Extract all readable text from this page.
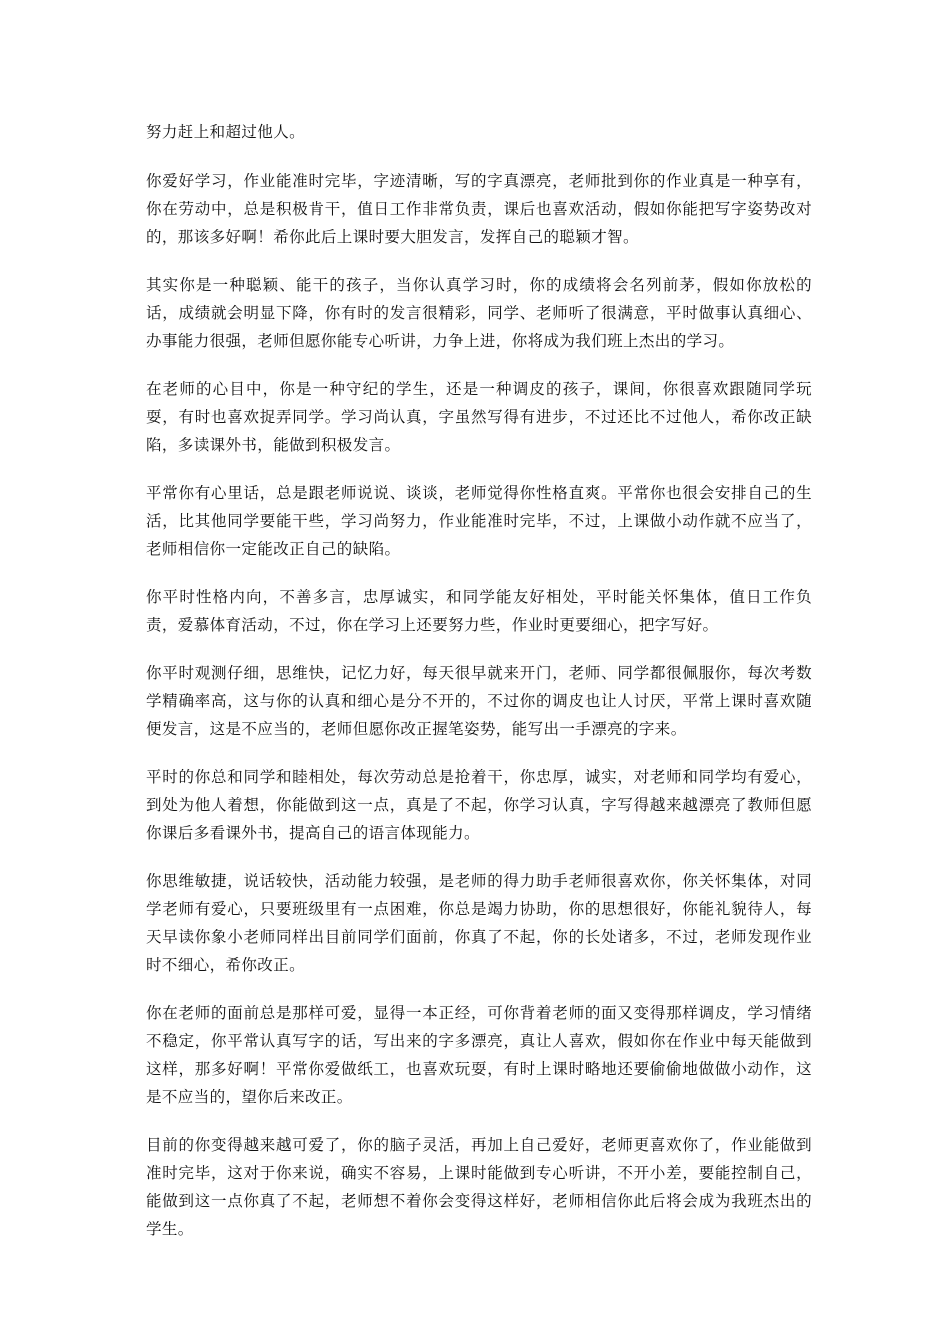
努力赶上和超过他人。

你爱好学习，作业能准时完毕，字迹清晰，写的字真漂亮，老师批到你的作业真是一种享有，你在劳动中，总是积极肯干，值日工作非常负责，课后也喜欢活动，假如你能把写字姿势改对的，那该多好啊！希你此后上课时要大胆发言，发挥自己的聪颖才智。

其实你是一种聪颖、能干的孩子，当你认真学习时，你的成绩将会名列前茅，假如你放松的话，成绩就会明显下降，你有时的发言很精彩，同学、老师听了很满意，平时做事认真细心、办事能力很强，老师但愿你能专心听讲，力争上进，你将成为我们班上杰出的学习。

在老师的心目中，你是一种守纪的学生，还是一种调皮的孩子，课间，你很喜欢跟随同学玩耍，有时也喜欢捉弄同学。学习尚认真，字虽然写得有进步，不过还比不过他人，希你改正缺陷，多读课外书，能做到积极发言。

平常你有心里话，总是跟老师说说、谈谈，老师觉得你性格直爽。平常你也很会安排自己的生活，比其他同学要能干些，学习尚努力，作业能准时完毕，不过，上课做小动作就不应当了，老师相信你一定能改正自己的缺陷。

你平时性格内向，不善多言，忠厚诚实，和同学能友好相处，平时能关怀集体，值日工作负责，爱慕体育活动，不过，你在学习上还要努力些，作业时更要细心，把字写好。

你平时观测仔细，思维快，记忆力好，每天很早就来开门，老师、同学都很佩服你，每次考数学精确率高，这与你的认真和细心是分不开的，不过你的调皮也让人讨厌，平常上课时喜欢随便发言，这是不应当的，老师但愿你改正握笔姿势，能写出一手漂亮的字来。

平时的你总和同学和睦相处，每次劳动总是抢着干，你忠厚，诚实，对老师和同学均有爱心，到处为他人着想，你能做到这一点，真是了不起，你学习认真，字写得越来越漂亮了教师但愿你课后多看课外书，提高自己的语言体现能力。

你思维敏捷，说话较快，活动能力较强，是老师的得力助手老师很喜欢你，你关怀集体，对同学老师有爱心，只要班级里有一点困难，你总是竭力协助，你的思想很好，你能礼貌待人，每天早读你象小老师同样出目前同学们面前，你真了不起，你的长处诸多，不过，老师发现作业时不细心，希你改正。

你在老师的面前总是那样可爱，显得一本正经，可你背着老师的面又变得那样调皮，学习情绪不稳定，你平常认真写字的话，写出来的字多漂亮，真让人喜欢，假如你在作业中每天能做到这样，那多好啊！平常你爱做纸工，也喜欢玩耍，有时上课时略地还要偷偷地做做小动作，这是不应当的，望你后来改正。

目前的你变得越来越可爱了，你的脑子灵活，再加上自己爱好，老师更喜欢你了，作业能做到准时完毕，这对于你来说，确实不容易，上课时能做到专心听讲，不开小差，要能控制自己，能做到这一点你真了不起，老师想不着你会变得这样好，老师相信你此后将会成为我班杰出的学生。
